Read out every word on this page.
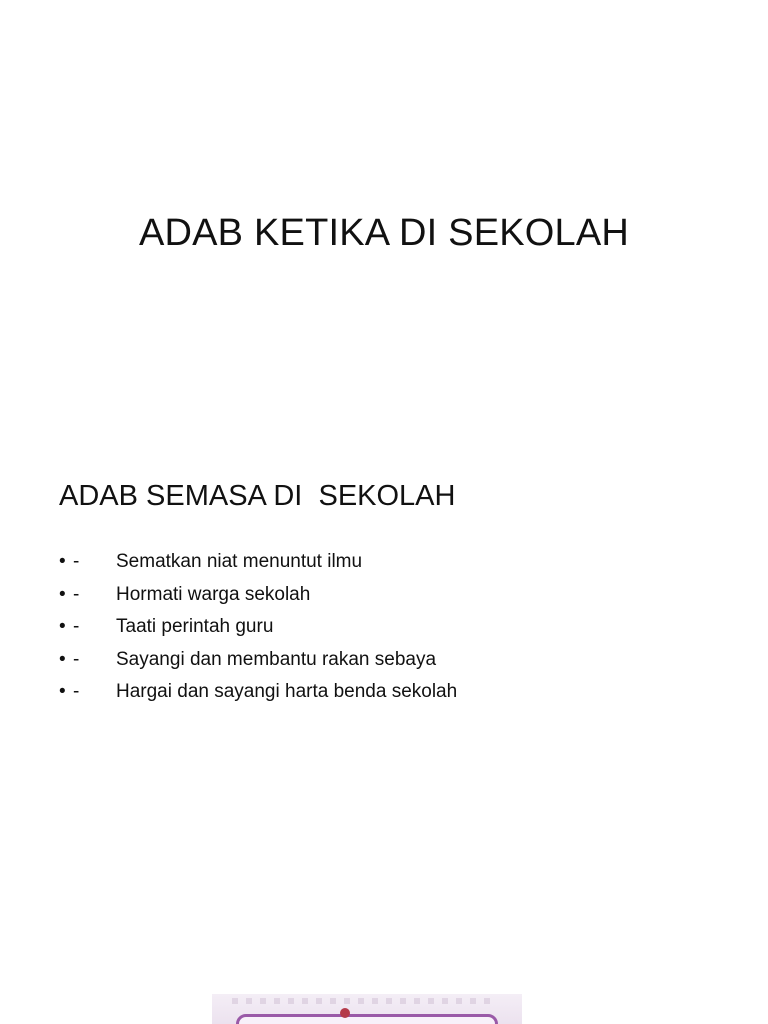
ADAB KETIKA DI SEKOLAH
ADAB SEMASA DI  SEKOLAH
• -	Sematkan niat menuntut ilmu
• -	Hormati warga sekolah
• -	Taati perintah guru
• -	Sayangi dan membantu rakan sebaya
• -	Hargai dan sayangi harta benda sekolah
